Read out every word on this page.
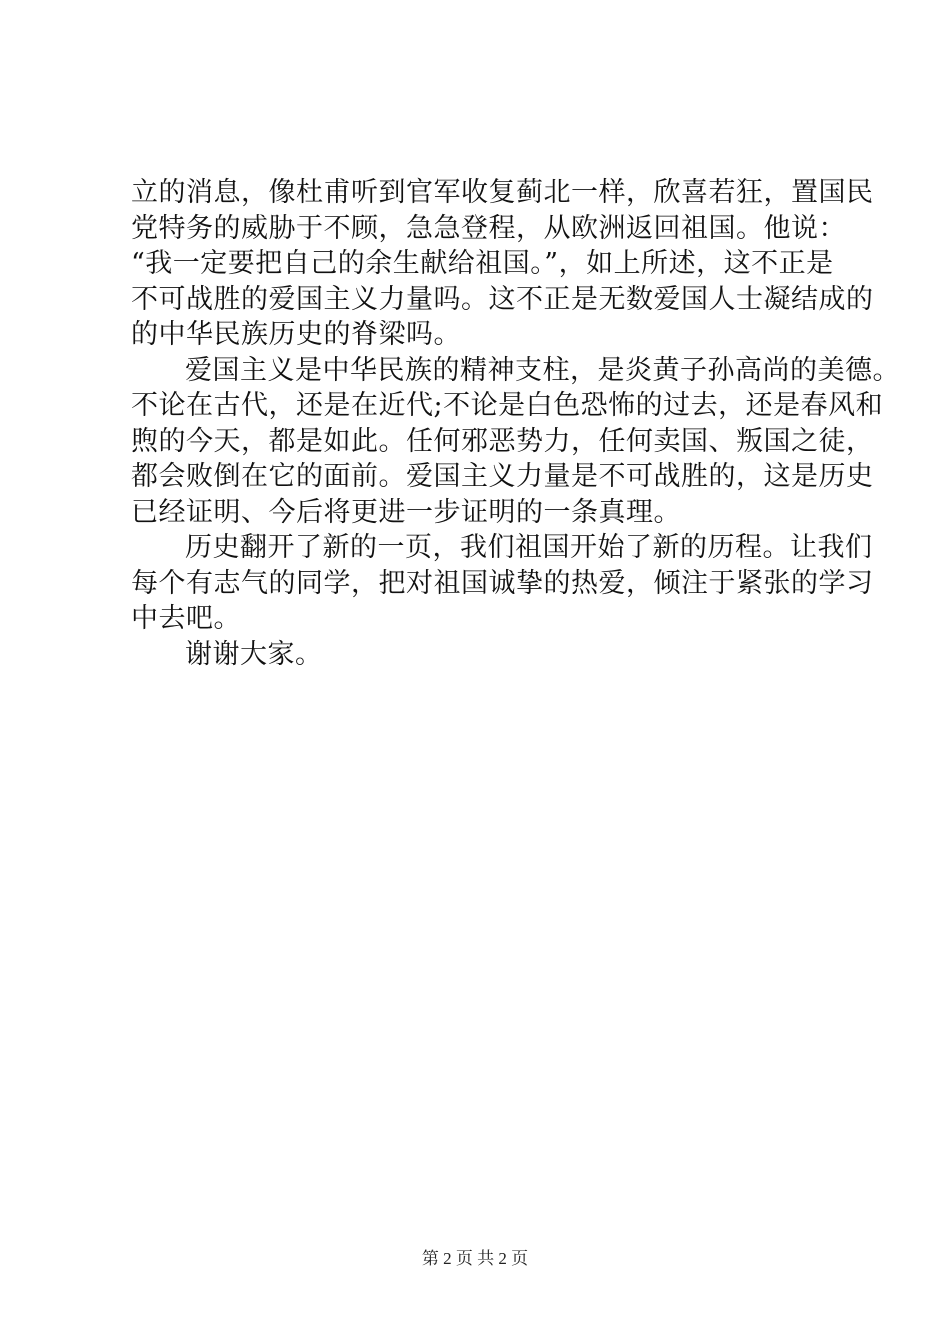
立的消息，像杜甫听到官军收复蓟北一样，欣喜若狂，置国民
党特务的威胁于不顾，急急登程，从欧洲返回祖国。他说：
“我一定要把自己的余生献给祖国。”，如上所述，这不正是
不可战胜的爱国主义力量吗。这不正是无数爱国人士凝结成的
的中华民族历史的脊梁吗。
爱国主义是中华民族的精神支柱，是炎黄子孙高尚的美德。
不论在古代，还是在近代;不论是白色恐怖的过去，还是春风和
煦的今天，都是如此。任何邪恶势力，任何卖国、叛国之徒，
都会败倒在它的面前。爱国主义力量是不可战胜的，这是历史
已经证明、今后将更进一步证明的一条真理。
历史翻开了新的一页，我们祖国开始了新的历程。让我们
每个有志气的同学，把对祖国诚挚的热爱，倾注于紧张的学习
中去吧。
谢谢大家。
第 2 页 共 2 页
